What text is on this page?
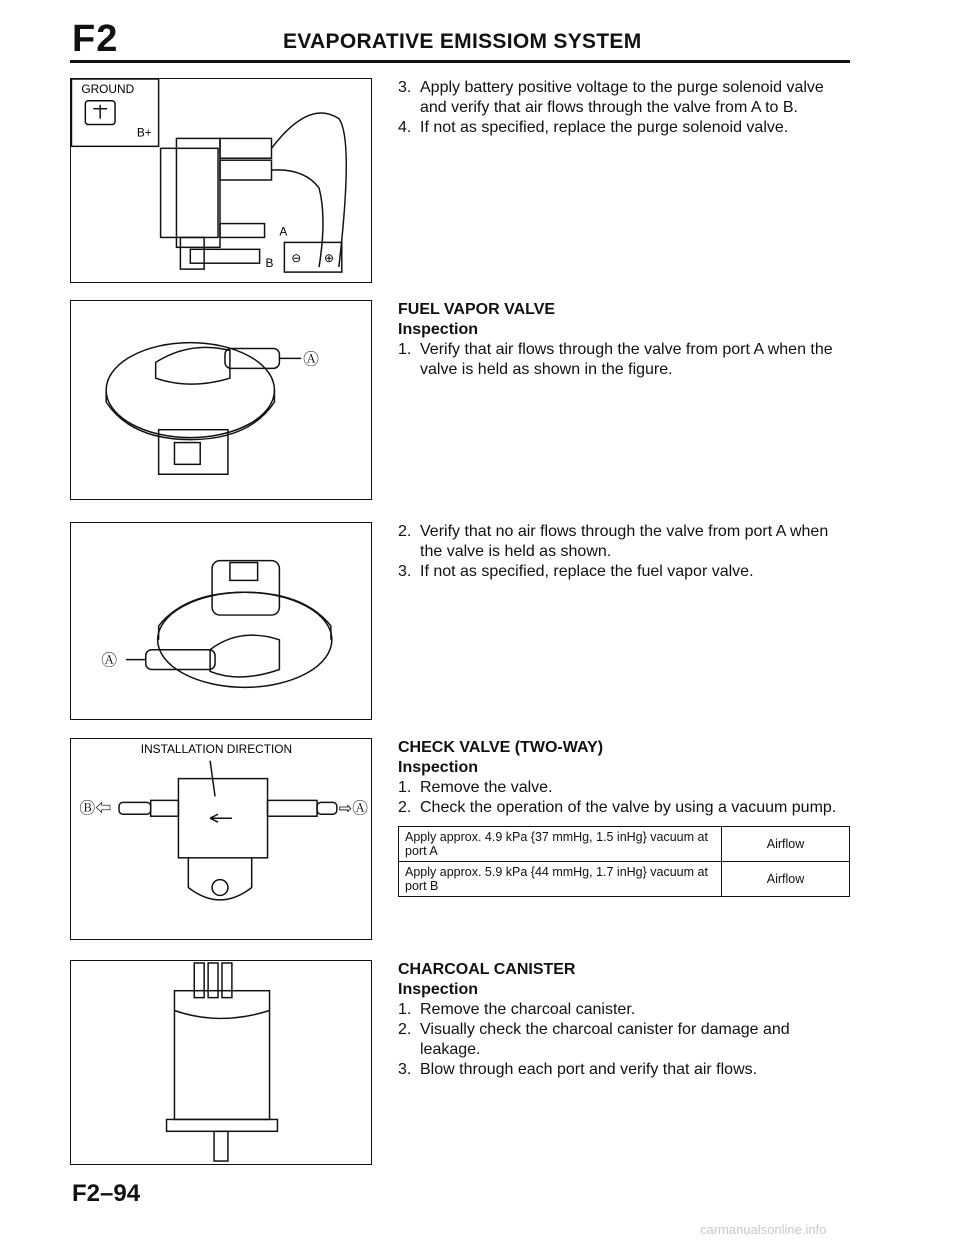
F2	EVAPORATIVE EMISSIOM SYSTEM
GROUND
B+
A
B ⊖ ⊕
Ⓐ
Ⓐ
INSTALLATION DIRECTION
Ⓑ⇦	⇨Ⓐ
3. Apply battery positive voltage to the purge solenoid valve and verify that air flows through the valve from A to B.
4. If not as specified, replace the purge solenoid valve.
FUEL VAPOR VALVE
Inspection
1. Verify that air flows through the valve from port A when the valve is held as shown in the figure.
2. Verify that no air flows through the valve from port A when the valve is held as shown.
3. If not as specified, replace the fuel vapor valve.
CHECK VALVE (TWO-WAY)
Inspection
1. Remove the valve.
2. Check the operation of the valve by using a vacuum pump.
Apply approx. 4.9 kPa {37 mmHg, 1.5 inHg} vacuum at port A	Airflow
Apply approx. 5.9 kPa {44 mmHg, 1.7 inHg} vacuum at port B	Airflow
CHARCOAL CANISTER
Inspection
1. Remove the charcoal canister.
2. Visually check the charcoal canister for damage and leakage.
3. Blow through each port and verify that air flows.
F2–94
carmanualsonline.info
